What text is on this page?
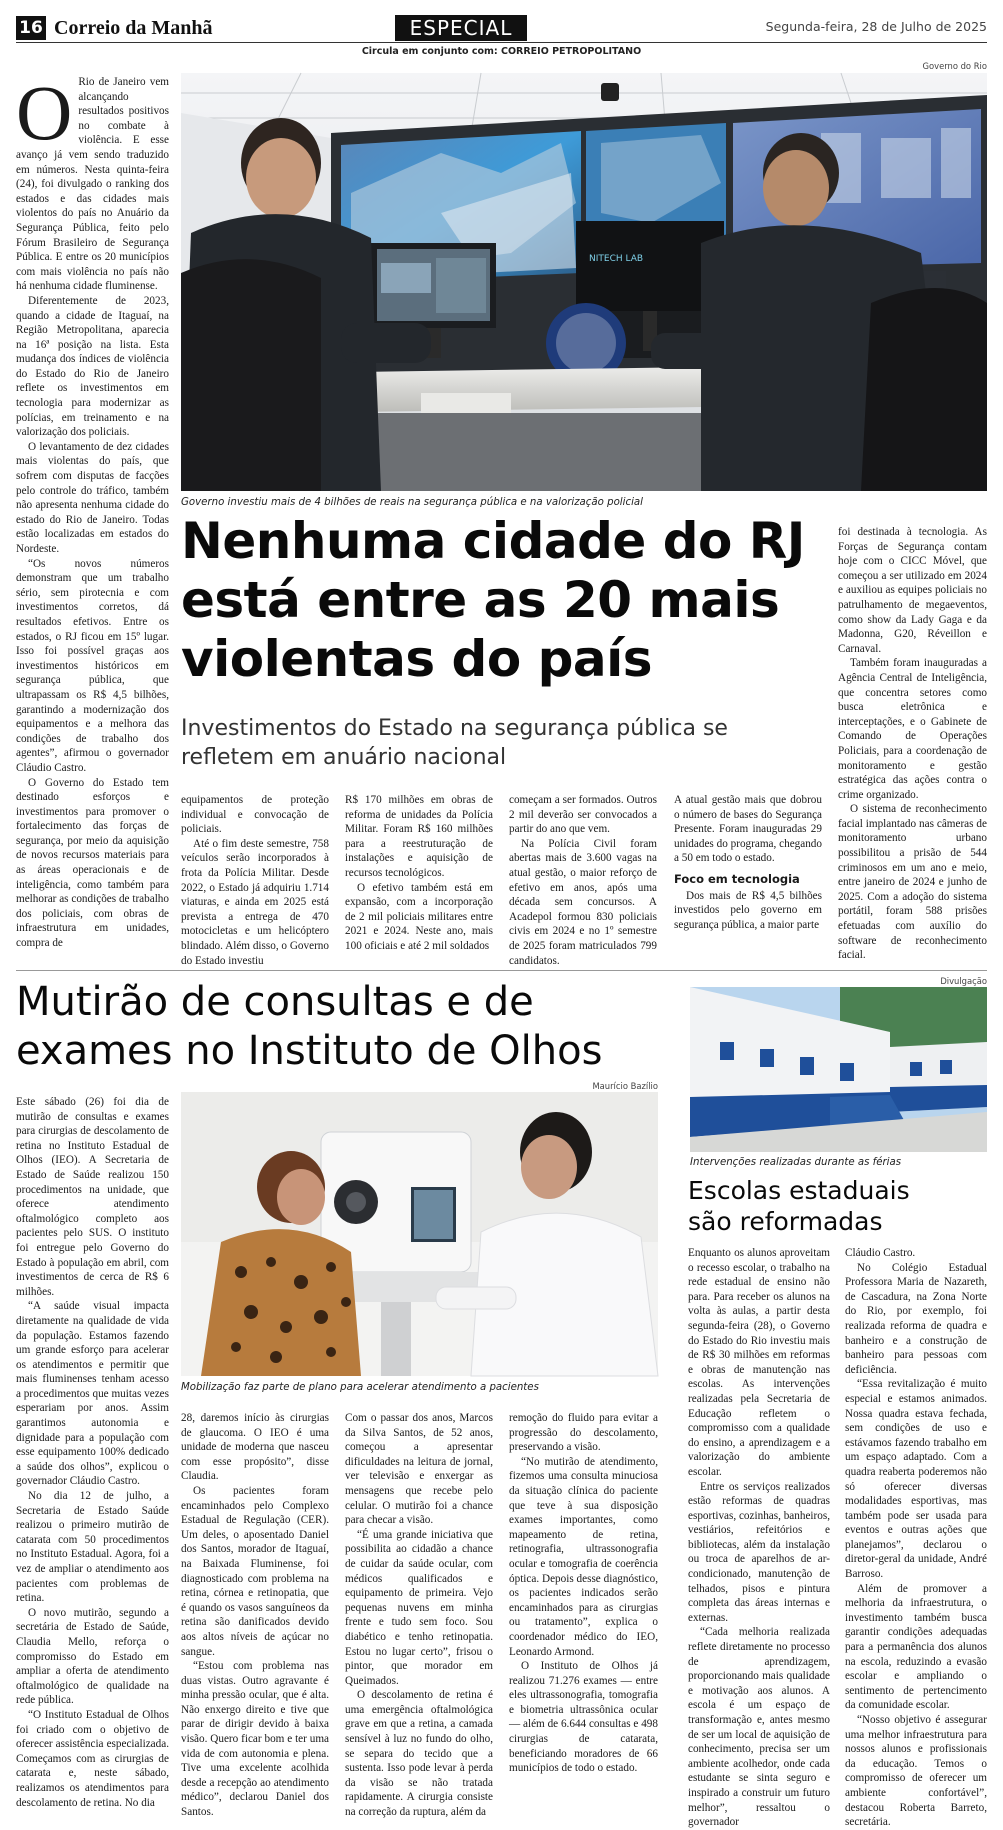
16 Correio da Manhã	ESPECIAL	Segunda-feira, 28 de Julho de 2025
Circula em conjunto com: CORREIO PETROPOLITANO
Governo do Rio
NITECH LAB
Governo investiu mais de 4 bilhões de reais na segurança pública e na valorização policial
O Rio de Janeiro vem alcançando resultados positivos no combate à violência. E esse avanço já vem sendo traduzido em números. Nesta quinta-feira (24), foi divulgado o ranking dos estados e das cidades mais violentos do país no Anuário da Segurança Pública, feito pelo Fórum Brasileiro de Segurança Pública. E entre os 20 municípios com mais violência no país não há nenhuma cidade fluminense.

Diferentemente de 2023, quando a cidade de Itaguaí, na Região Metropolitana, aparecia na 16ª posição na lista. Esta mudança dos índices de violência do Estado do Rio de Janeiro reflete os investimentos em tecnologia para modernizar as polícias, em treinamento e na valorização dos policiais.

O levantamento de dez cidades mais violentas do país, que sofrem com disputas de facções pelo controle do tráfico, também não apresenta nenhuma cidade do estado do Rio de Janeiro. Todas estão localizadas em estados do Nordeste.

“Os novos números demonstram que um trabalho sério, sem pirotecnia e com investimentos corretos, dá resultados efetivos. Entre os estados, o RJ ficou em 15º lugar. Isso foi possível graças aos investimentos históricos em segurança pública, que ultrapassam os R$ 4,5 bilhões, garantindo a modernização dos equipamentos e a melhora das condições de trabalho dos agentes”, afirmou o governador Cláudio Castro.

O Governo do Estado tem destinado esforços e investimentos para promover o fortalecimento das forças de segurança, por meio da aquisição de novos recursos materiais para as áreas operacionais e de inteligência, como também para melhorar as condições de trabalho dos policiais, com obras de infraestrutura em unidades, compra de

Nenhuma cidade do RJ está entre as 20 mais violentas do país
Investimentos do Estado na segurança pública se refletem em anuário nacional

equipamentos de proteção individual e convocação de policiais.

Até o fim deste semestre, 758 veículos serão incorporados à frota da Polícia Militar. Desde 2022, o Estado já adquiriu 1.714 viaturas, e ainda em 2025 está prevista a entrega de 470 motocicletas e um helicóptero blindado. Além disso, o Governo do Estado investiu

R$ 170 milhões em obras de reforma de unidades da Polícia Militar. Foram R$ 160 milhões para a reestruturação de instalações e aquisição de recursos tecnológicos.

O efetivo também está em expansão, com a incorporação de 2 mil policiais militares entre 2021 e 2024. Neste ano, mais 100 oficiais e até 2 mil soldados

começam a ser formados. Outros 2 mil deverão ser convocados a partir do ano que vem.

Na Polícia Civil foram abertas mais de 3.600 vagas na atual gestão, o maior reforço de efetivo em anos, após uma década sem concursos. A Acadepol formou 830 policiais civis em 2024 e no 1º semestre de 2025 foram matriculados 799 candidatos.

A atual gestão mais que dobrou o número de bases do Segurança Presente. Foram inauguradas 29 unidades do programa, chegando a 50 em todo o estado.

Foco em tecnologia

Dos mais de R$ 4,5 bilhões investidos pelo governo em segurança pública, a maior parte

foi destinada à tecnologia. As Forças de Segurança contam hoje com o CICC Móvel, que começou a ser utilizado em 2024 e auxiliou as equipes policiais no patrulhamento de megaeventos, como show da Lady Gaga e da Madonna, G20, Réveillon e Carnaval.

Também foram inauguradas a Agência Central de Inteligência, que concentra setores como busca eletrônica e interceptações, e o Gabinete de Comando de Operações Policiais, para a coordenação de monitoramento e gestão estratégica das ações contra o crime organizado.

O sistema de reconhecimento facial implantado nas câmeras de monitoramento urbano possibilitou a prisão de 544 criminosos em um ano e meio, entre janeiro de 2024 e junho de 2025. Com a adoção do sistema portátil, foram 588 prisões efetuadas com auxílio do software de reconhecimento facial.

Mutirão de consultas e de exames no Instituto de Olhos
Maurício Bazílio
Mobilização faz parte de plano para acelerar atendimento a pacientes

Este sábado (26) foi dia de mutirão de consultas e exames para cirurgias de descolamento de retina no Instituto Estadual de Olhos (IEO). A Secretaria de Estado de Saúde realizou 150 procedimentos na unidade, que oferece atendimento oftalmológico completo aos pacientes pelo SUS. O instituto foi entregue pelo Governo do Estado à população em abril, com investimentos de cerca de R$ 6 milhões.

“A saúde visual impacta diretamente na qualidade de vida da população. Estamos fazendo um grande esforço para acelerar os atendimentos e permitir que mais fluminenses tenham acesso a procedimentos que muitas vezes esperariam por anos. Assim garantimos autonomia e dignidade para a população com esse equipamento 100% dedicado a saúde dos olhos”, explicou o governador Cláudio Castro.

No dia 12 de julho, a Secretaria de Estado Saúde realizou o primeiro mutirão de catarata com 50 procedimentos no Instituto Estadual. Agora, foi a vez de ampliar o atendimento aos pacientes com problemas de retina.

O novo mutirão, segundo a secretária de Estado de Saúde, Claudia Mello, reforça o compromisso do Estado em ampliar a oferta de atendimento oftalmológico de qualidade na rede pública.

“O Instituto Estadual de Olhos foi criado com o objetivo de oferecer assistência especializada. Começamos com as cirurgias de catarata e, neste sábado, realizamos os atendimentos para descolamento de retina. No dia

28, daremos início às cirurgias de glaucoma. O IEO é uma unidade de moderna que nasceu com esse propósito”, disse Claudia.

Os pacientes foram encaminhados pelo Complexo Estadual de Regulação (CER). Um deles, o aposentado Daniel dos Santos, morador de Itaguaí, na Baixada Fluminense, foi diagnosticado com problema na retina, córnea e retinopatia, que é quando os vasos sanguíneos da retina são danificados devido aos altos níveis de açúcar no sangue.

“Estou com problema nas duas vistas. Outro agravante é minha pressão ocular, que é alta. Não enxergo direito e tive que parar de dirigir devido à baixa visão. Quero ficar bom e ter uma vida de com autonomia e plena. Tive uma excelente acolhida desde a recepção ao atendimento médico”, declarou Daniel dos Santos.

Com o passar dos anos, Marcos da Silva Santos, de 52 anos, começou a apresentar dificuldades na leitura de jornal, ver televisão e enxergar as mensagens que recebe pelo celular. O mutirão foi a chance para checar a visão.

“É uma grande iniciativa que possibilita ao cidadão a chance de cuidar da saúde ocular, com médicos qualificados e equipamento de primeira. Vejo pequenas nuvens em minha frente e tudo sem foco. Sou diabético e tenho retinopatia. Estou no lugar certo”, frisou o pintor, que morador em Queimados.

O descolamento de retina é uma emergência oftalmológica grave em que a retina, a camada sensível à luz no fundo do olho, se separa do tecido que a sustenta. Isso pode levar à perda da visão se não tratada rapidamente. A cirurgia consiste na correção da ruptura, além da

remoção do fluido para evitar a progressão do descolamento, preservando a visão.

“No mutirão de atendimento, fizemos uma consulta minuciosa da situação clínica do paciente que teve à sua disposição exames importantes, como mapeamento de retina, retinografia, ultrassonografia ocular e tomografia de coerência óptica. Depois desse diagnóstico, os pacientes indicados serão encaminhados para as cirurgias ou tratamento”, explica o coordenador médico do IEO, Leonardo Armond.

O Instituto de Olhos já realizou 71.276 exames — entre eles ultrassonografia, tomografia e biometria ultrassônica ocular — além de 6.644 consultas e 498 cirurgias de catarata, beneficiando moradores de 66 municípios de todo o estado.

Divulgação
Intervenções realizadas durante as férias
Escolas estaduais são reformadas

Enquanto os alunos aproveitam o recesso escolar, o trabalho na rede estadual de ensino não para. Para receber os alunos na volta às aulas, a partir desta segunda-feira (28), o Governo do Estado do Rio investiu mais de R$ 30 milhões em reformas e obras de manutenção nas escolas. As intervenções realizadas pela Secretaria de Educação refletem o compromisso com a qualidade do ensino, a aprendizagem e a valorização do ambiente escolar.

Entre os serviços realizados estão reformas de quadras esportivas, cozinhas, banheiros, vestiários, refeitórios e bibliotecas, além da instalação ou troca de aparelhos de ar-condicionado, manutenção de telhados, pisos e pintura completa das áreas internas e externas.

“Cada melhoria realizada reflete diretamente no processo de aprendizagem, proporcionando mais qualidade e motivação aos alunos. A escola é um espaço de transformação e, antes mesmo de ser um local de aquisição de conhecimento, precisa ser um ambiente acolhedor, onde cada estudante se sinta seguro e inspirado a construir um futuro melhor”, ressaltou o governador

Cláudio Castro.

No Colégio Estadual Professora Maria de Nazareth, de Cascadura, na Zona Norte do Rio, por exemplo, foi realizada reforma de quadra e banheiro e a construção de banheiro para pessoas com deficiência.

“Essa revitalização é muito especial e estamos animados. Nossa quadra estava fechada, sem condições de uso e estávamos fazendo trabalho em um espaço adaptado. Com a quadra reaberta poderemos não só oferecer diversas modalidades esportivas, mas também pode ser usada para eventos e outras ações que planejamos”, declarou o diretor-geral da unidade, André Barroso.

Além de promover a melhoria da infraestrutura, o investimento também busca garantir condições adequadas para a permanência dos alunos na escola, reduzindo a evasão escolar e ampliando o sentimento de pertencimento da comunidade escolar.

“Nosso objetivo é assegurar uma melhor infraestrutura para nossos alunos e profissionais da educação. Temos o compromisso de oferecer um ambiente confortável”, destacou Roberta Barreto, secretária.
